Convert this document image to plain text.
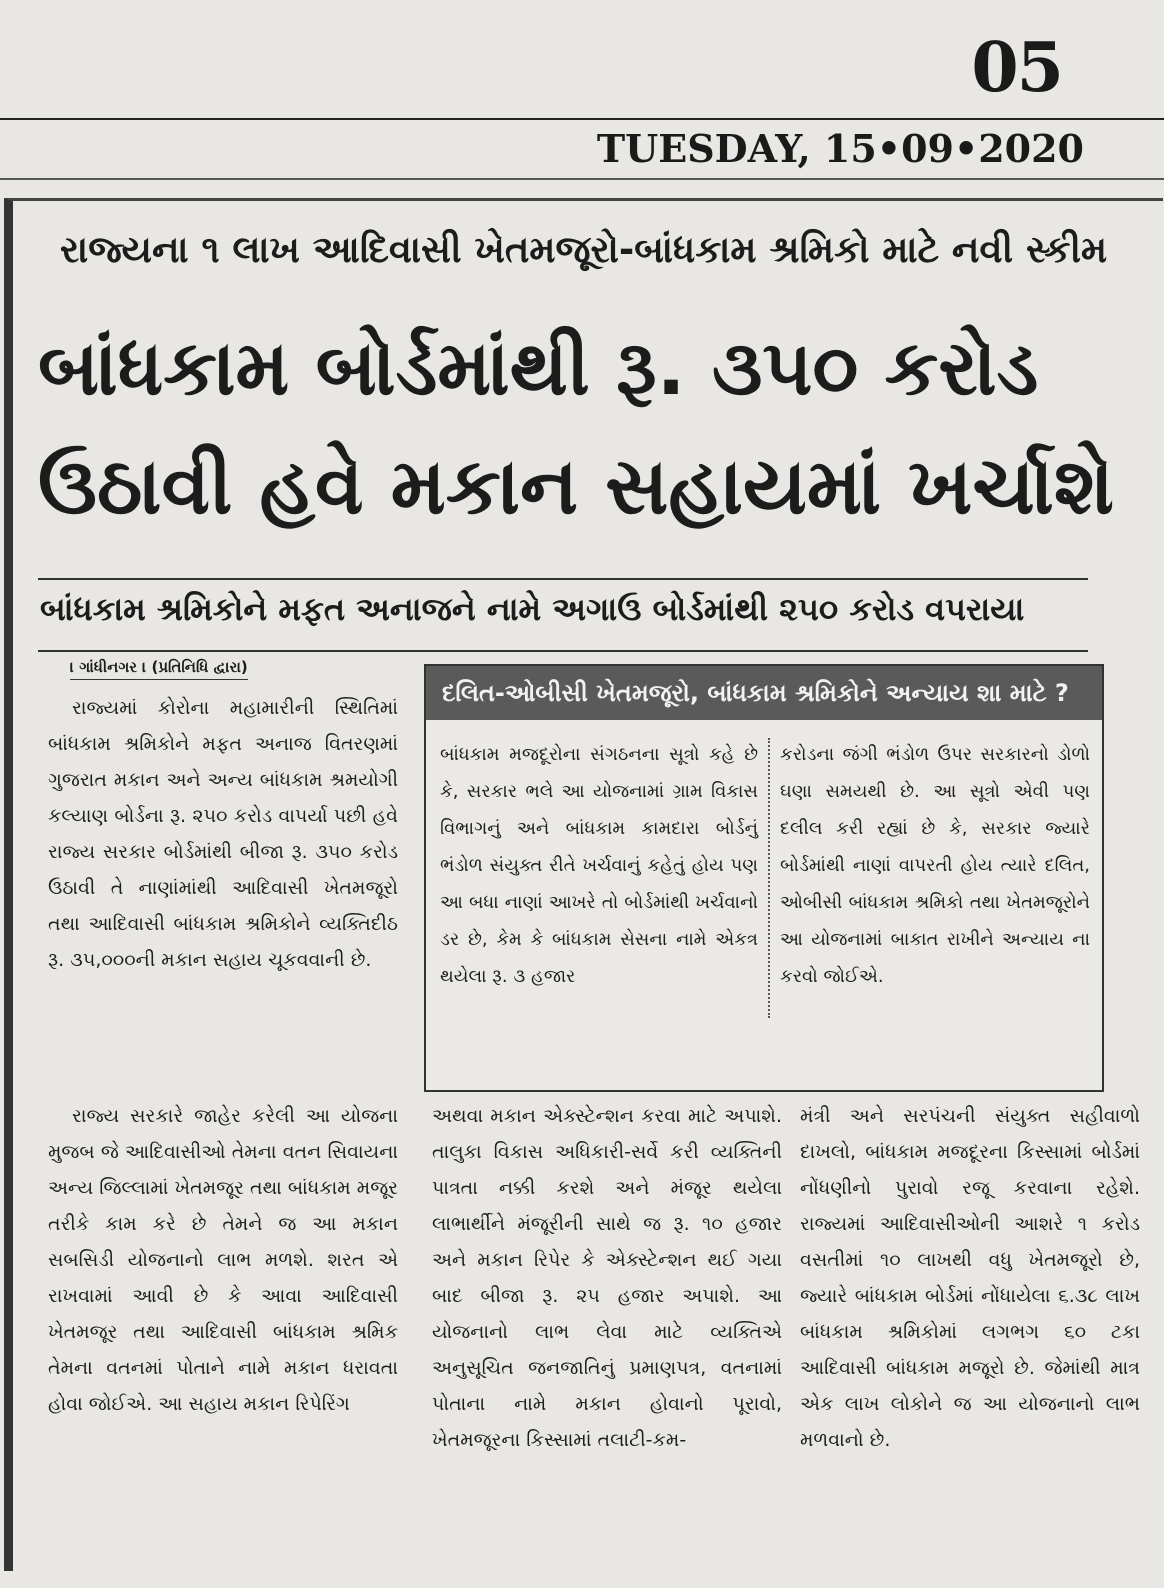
05
TUESDAY, 15•09•2020
રાજ્યના ૧ લાખ આદિવાસી ખેતમજૂરો-બાંધકામ શ્રમિકો માટે નવી સ્કીમ
બાંધકામ બોર્ડમાંથી રૂ. ૩૫૦ કરોડ
ઉઠાવી હવે મકાન સહાયમાં ખર્ચાશે
બાંધકામ શ્રમિકોને મફત અનાજને નામે અગાઉ બોર્ડમાંથી ૨૫૦ કરોડ વપરાયા
। ગાંધીનગર । (પ્રતિનિધિ દ્વારા)

રાજ્યમાં કોરોના મહામારીની સ્થિતિમાં બાંધકામ શ્રમિકોને મફત અનાજ વિતરણમાં ગુજરાત મકાન અને અન્ય બાંધકામ શ્રમયોગી કલ્યાણ બોર્ડના રૂ. ૨૫૦ કરોડ વાપર્યા પછી હવે રાજ્ય સરકાર બોર્ડમાંથી બીજા રૂ. ૩૫૦ કરોડ ઉઠાવી તે નાણાંમાંથી આદિવાસી ખેતમજૂરો તથા આદિવાસી બાંધકામ શ્રમિકોને વ્યક્તિદીઠ રૂ. ૩૫,૦૦૦ની મકાન સહાય ચૂકવવાની છે.

દલિત-ઓબીસી ખેતમજૂરો, બાંધકામ શ્રમિકોને અન્યાય શા માટે ?

બાંધકામ મજદૂરોના સંગઠનના સૂત્રો કહે છે કે, સરકાર ભલે આ યોજનામાં ગ્રામ વિકાસ વિભાગનું અને બાંધકામ કામદારા બોર્ડનું ભંડોળ સંયુક્ત રીતે ખર્ચવાનું કહેતું હોય પણ આ બધા નાણાં આખરે તો બોર્ડમાંથી ખર્ચવાનો ડર છે, કેમ કે બાંધકામ સેસના નામે એકત્ર થયેલા રૂ. ૩ હજાર

કરોડના જંગી ભંડોળ ઉપર સરકારનો ડોળો ઘણા સમયથી છે. આ સૂત્રો એવી પણ દલીલ કરી રહ્યાં છે કે, સરકાર જ્યારે બોર્ડમાંથી નાણાં વાપરતી હોય ત્યારે દલિત, ઓબીસી બાંધકામ શ્રમિકો તથા ખેતમજૂરોને આ યોજનામાં બાકાત રાખીને અન્યાય ના કરવો જોઈએ.

રાજ્ય સરકારે જાહેર કરેલી આ યોજના મુજબ જે આદિવાસીઓ તેમના વતન સિવાયના અન્ય જિલ્લામાં ખેતમજૂર તથા બાંધકામ મજૂર તરીકે કામ કરે છે તેમને જ આ મકાન સબસિડી યોજનાનો લાભ મળશે. શરત એ રાખવામાં આવી છે કે આવા આદિવાસી ખેતમજૂર તથા આદિવાસી બાંધકામ શ્રમિક તેમના વતનમાં પોતાને નામે મકાન ધરાવતા હોવા જોઈએ. આ સહાય મકાન રિપેરિંગ

અથવા મકાન એક્સ્ટેન્શન કરવા માટે અપાશે. તાલુકા વિકાસ અધિકારી-સર્વે કરી વ્યક્તિની પાત્રતા નક્કી કરશે અને મંજૂર થયેલા લાભાર્થીને મંજૂરીની સાથે જ રૂ. ૧૦ હજાર અને મકાન રિપેર કે એક્સ્ટેન્શન થઈ ગયા બાદ બીજા રૂ. ૨૫ હજાર અપાશે. આ યોજનાનો લાભ લેવા માટે વ્યક્તિએ અનુસૂચિત જનજાતિનું પ્રમાણપત્ર, વતનામાં પોતાના નામે મકાન હોવાનો પૂરાવો, ખેતમજૂરના કિસ્સામાં તલાટી-કમ-

મંત્રી અને સરપંચની સંયુક્ત સહીવાળો દાખલો, બાંધકામ મજદૂરના કિસ્સામાં બોર્ડમાં નોંધણીનો પુરાવો રજૂ કરવાના રહેશે. રાજ્યમાં આદિવાસીઓની આશરે ૧ કરોડ વસતીમાં ૧૦ લાખથી વધુ ખેતમજૂરો છે, જ્યારે બાંધકામ બોર્ડમાં નોંધાયેલા ૬.૩૮ લાખ બાંધકામ શ્રમિકોમાં લગભગ ૬૦ ટકા આદિવાસી બાંધકામ મજૂરો છે. જેમાંથી માત્ર એક લાખ લોકોને જ આ યોજનાનો લાભ મળવાનો છે.
